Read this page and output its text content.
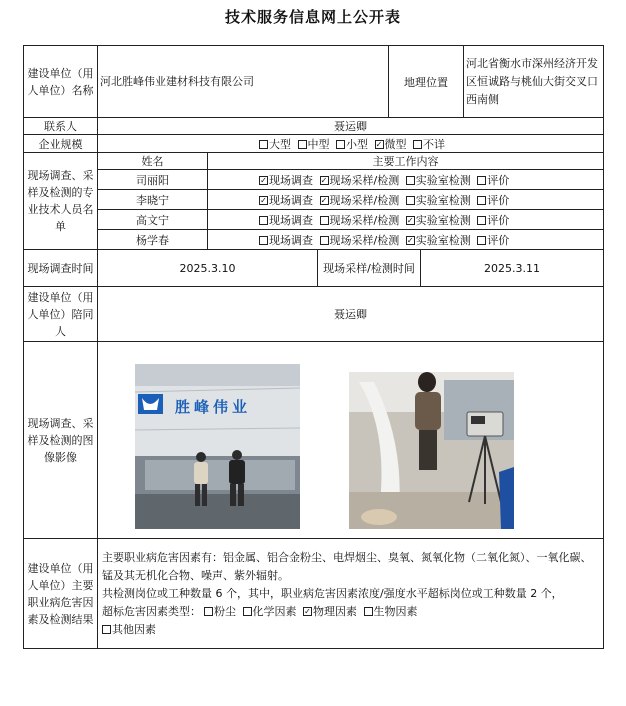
技术服务信息网上公开表
建设单位（用人单位）名称	河北胜峰伟业建材科技有限公司			地理位置		河北省衡水市深州经济开发区恒诚路与桃仙大街交叉口西南侧
联系人	聂运卿					
企业规模	大型 中型 小型 ✓ 微型 不详
现场调查、采样及检测的专业技术人员名单	姓名	主要工作内容				
	司丽阳	✓现场调查 ✓ 现场采样/检测 实验室检测 评价
	李晓宁	✓现场调查 ✓ 现场采样/检测 实验室检测 评价
	高文宁	现场调查 现场采样/检测 ✓ 实验室检测 评价
	杨学春	现场调查 现场采样/检测 ✓ 实验室检测 评价
现场调查时间	2025.3.10		现场采样/检测时间		2025.3.11	
建设单位（用人单位）陪同人	聂运卿					
现场调查、采样及检测的图像影像						
建设单位（用人单位）主要职业病危害因素及检测结果	主要职业病危害因素有：铝金属、铝合金粉尘、电焊烟尘、臭氧、氮氧化物（二氧化氮）、一氧化碳、锰及其无机化合物、噪声、紫外辐射。

共检测岗位或工种数量 6 个，其中，职业病危害因素浓度/强度水平超标岗位或工种数量 2 个，

超标危害因素类型： 粉尘 化学因素 ✓ 物理因素 生物因素

其他因素

胜峰伟业
